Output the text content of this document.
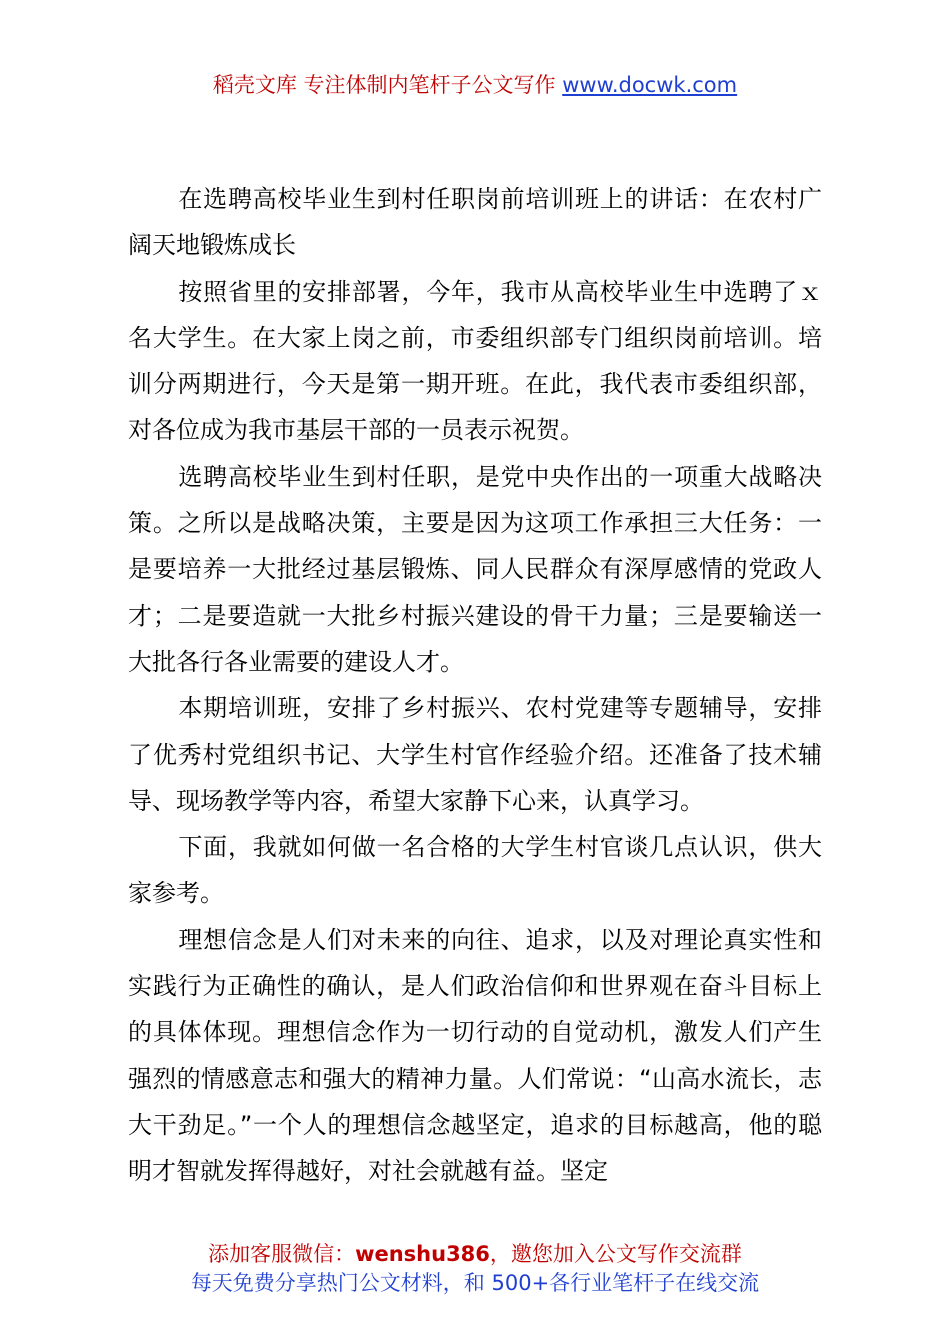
稻壳文库 专注体制内笔杆子公文写作 www.docwk.com

在选聘高校毕业生到村任职岗前培训班上的讲话：在农村广阔天地锻炼成长

按照省里的安排部署，今年，我市从高校毕业生中选聘了ｘ名大学生。在大家上岗之前，市委组织部专门组织岗前培训。培训分两期进行，今天是第一期开班。在此，我代表市委组织部，对各位成为我市基层干部的一员表示祝贺。

选聘高校毕业生到村任职，是党中央作出的一项重大战略决策。之所以是战略决策，主要是因为这项工作承担三大任务：一是要培养一大批经过基层锻炼、同人民群众有深厚感情的党政人才；二是要造就一大批乡村振兴建设的骨干力量；三是要输送一大批各行各业需要的建设人才。

本期培训班，安排了乡村振兴、农村党建等专题辅导，安排了优秀村党组织书记、大学生村官作经验介绍。还准备了技术辅导、现场教学等内容，希望大家静下心来，认真学习。

下面，我就如何做一名合格的大学生村官谈几点认识，供大家参考。

理想信念是人们对未来的向往、追求，以及对理论真实性和实践行为正确性的确认，是人们政治信仰和世界观在奋斗目标上的具体体现。理想信念作为一切行动的自觉动机，激发人们产生强烈的情感意志和强大的精神力量。人们常说：“山高水流长，志大干劲足。”一个人的理想信念越坚定，追求的目标越高，他的聪明才智就发挥得越好，对社会就越有益。坚定

添加客服微信：wenshu386，邀您加入公文写作交流群
每天免费分享热门公文材料，和 500+各行业笔杆子在线交流
